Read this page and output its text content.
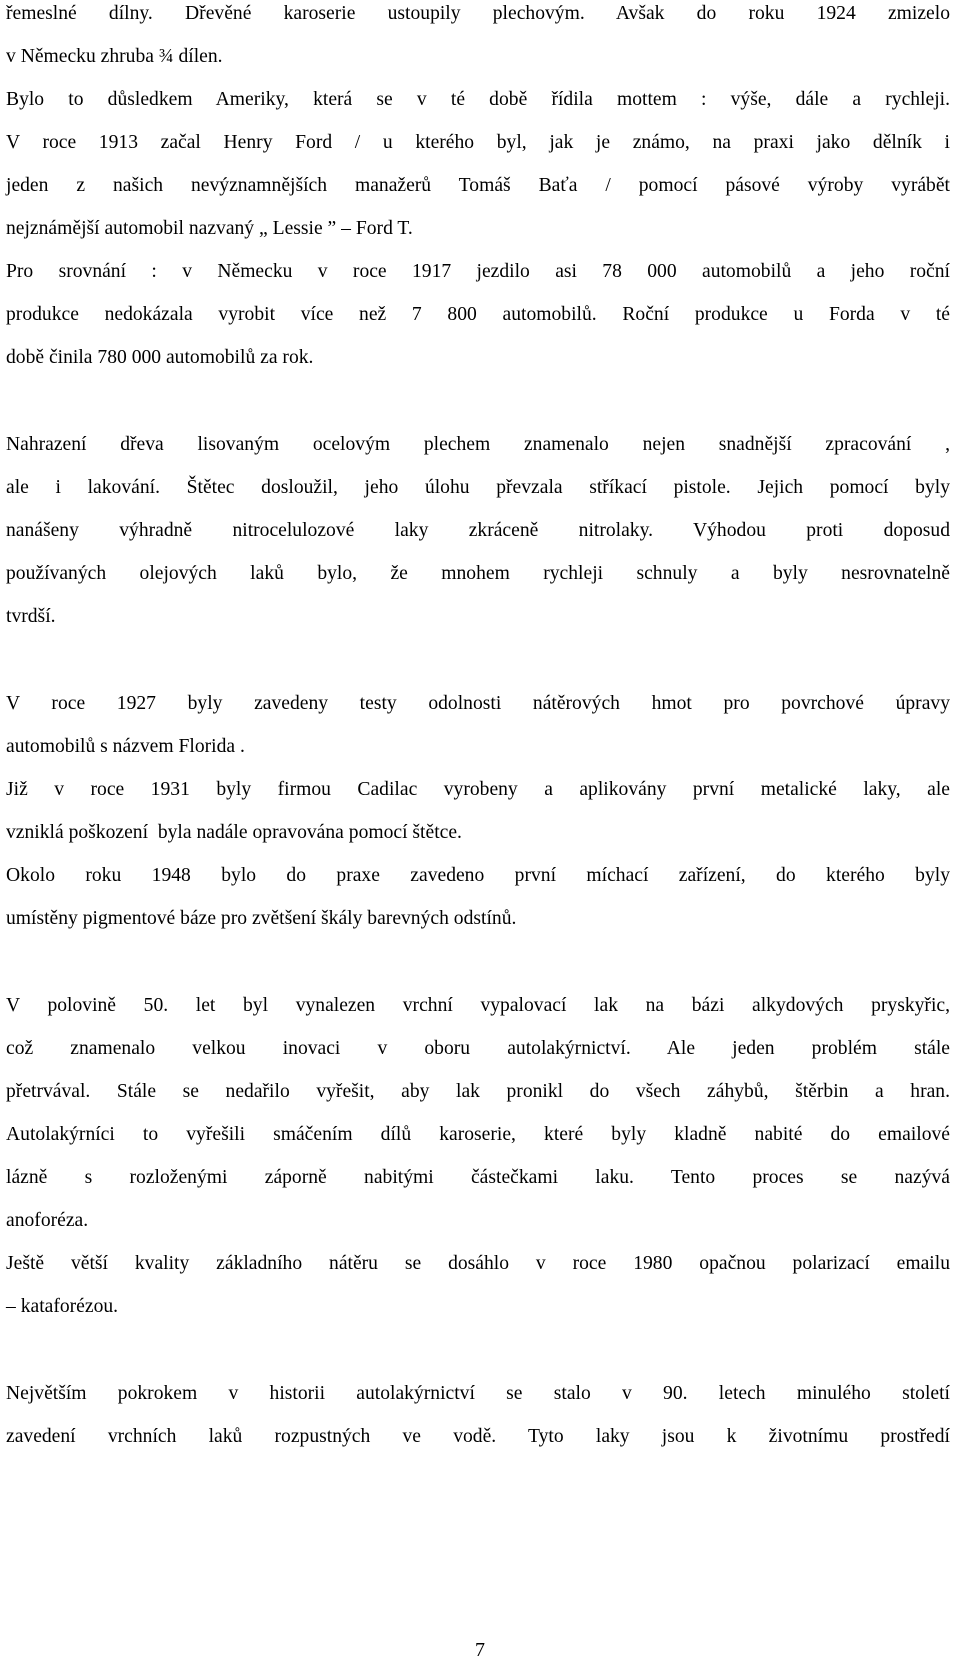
řemeslné dílny. Dřevěné karoserie ustoupily plechovým. Avšak do roku 1924 zmizelo
v Německu zhruba ¾ dílen.
Bylo to důsledkem Ameriky, která se v té době řídila mottem : výše, dále a rychleji.
V roce 1913 začal Henry Ford / u kterého byl, jak je známo, na praxi jako dělník i
jeden z našich nevýznamnějších manažerů Tomáš Baťa / pomocí pásové výroby vyrábět
nejznámější automobil nazvaný „ Lessie ” – Ford T.
Pro srovnání : v Německu v roce 1917 jezdilo asi 78 000 automobilů a jeho roční
produkce nedokázala vyrobit více než 7 800 automobilů. Roční produkce u Forda v té
době činila 780 000 automobilů za rok.
Nahrazení dřeva lisovaným ocelovým plechem znamenalo nejen snadnější zpracování ,
ale i lakování. Štětec dosloužil, jeho úlohu převzala stříkací pistole. Jejich pomocí byly
nanášeny výhradně nitrocelulozové laky zkráceně nitrolaky. Výhodou proti doposud
používaných olejových laků bylo, že mnohem rychleji schnuly a byly nesrovnatelně
tvrdší.
V roce 1927 byly zavedeny testy odolnosti nátěrových hmot pro povrchové úpravy
automobilů s názvem Florida .
Již v roce 1931 byly firmou Cadilac vyrobeny a aplikovány první metalické laky, ale
vzniklá poškození  byla nadále opravována pomocí štětce.
Okolo roku 1948 bylo do praxe zavedeno první míchací zařízení, do kterého byly
umístěny pigmentové báze pro zvětšení škály barevných odstínů.
V polovině 50. let byl vynalezen vrchní vypalovací lak na bázi alkydových pryskyřic,
což znamenalo velkou inovaci v oboru autolakýrnictví. Ale jeden problém stále
přetrvával. Stále se nedařilo vyřešit, aby lak pronikl do všech záhybů, štěrbin a hran.
Autolakýrníci to vyřešili smáčením dílů karoserie, které byly kladně nabité do emailové
lázně s rozloženými záporně nabitými částečkami laku. Tento proces se nazývá
anoforéza.
Ještě větší kvality základního nátěru se dosáhlo v roce 1980 opačnou polarizací emailu
– kataforézou.
Největším pokrokem v historii autolakýrnictví se stalo v 90. letech minulého století
zavedení vrchních laků rozpustných ve vodě. Tyto laky jsou k životnímu prostředí
7
